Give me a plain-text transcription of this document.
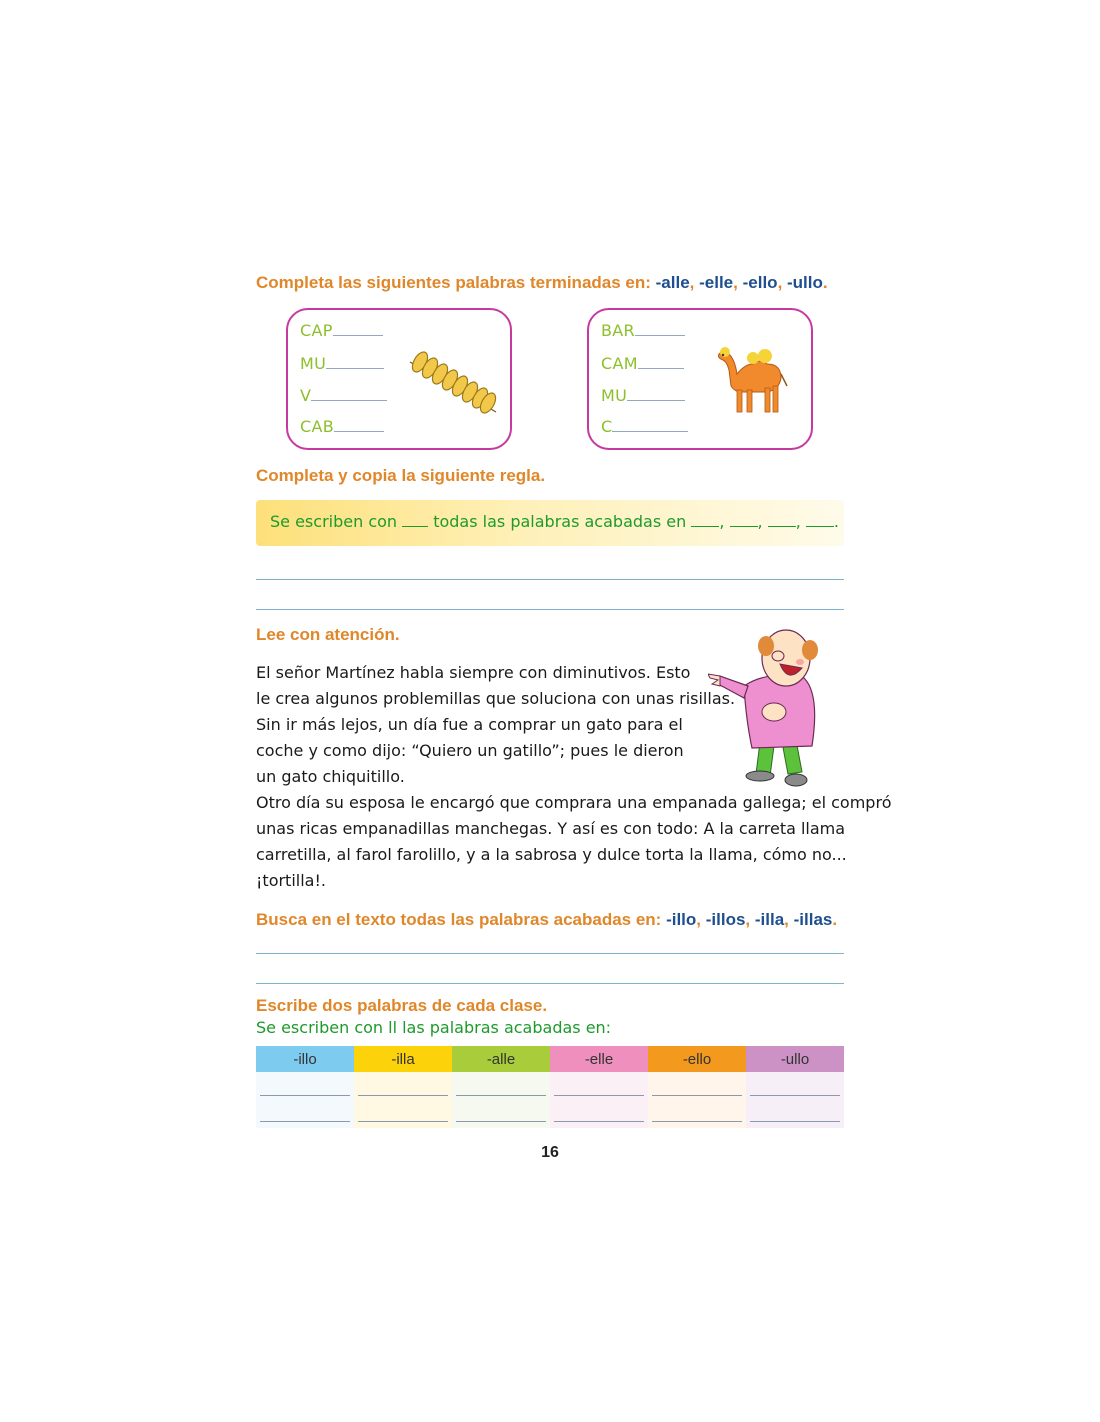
Completa las siguientes palabras terminadas en: -alle, -elle, -ello, -ullo.
CAP
MU
V
CAB
BAR
CAM
MU
C
Completa y copia la siguiente regla.
Se escriben con  todas las palabras acabadas en , , , .
Lee con atención.
El señor Martínez habla siempre con diminutivos. Esto
le crea algunos problemillas que soluciona con unas risillas.
Sin ir más lejos, un día fue a comprar un gato para el
coche y como dijo: “Quiero un gatillo”; pues le dieron
un gato chiquitillo.
Otro día su esposa le encargó que comprara una empanada gallega; el compró
unas ricas empanadillas manchegas. Y así es con todo: A la carreta llama
carretilla, al farol farolillo, y a la sabrosa y dulce torta la llama, cómo no...
¡tortilla!.
Busca en el texto todas las palabras acabadas en: -illo, -illos, -illa, -illas.
Escribe dos palabras de cada clase.
Se escriben con ll las palabras acabadas en:
-illo	-illa	-alle	-elle	-ello	-ullo

16
